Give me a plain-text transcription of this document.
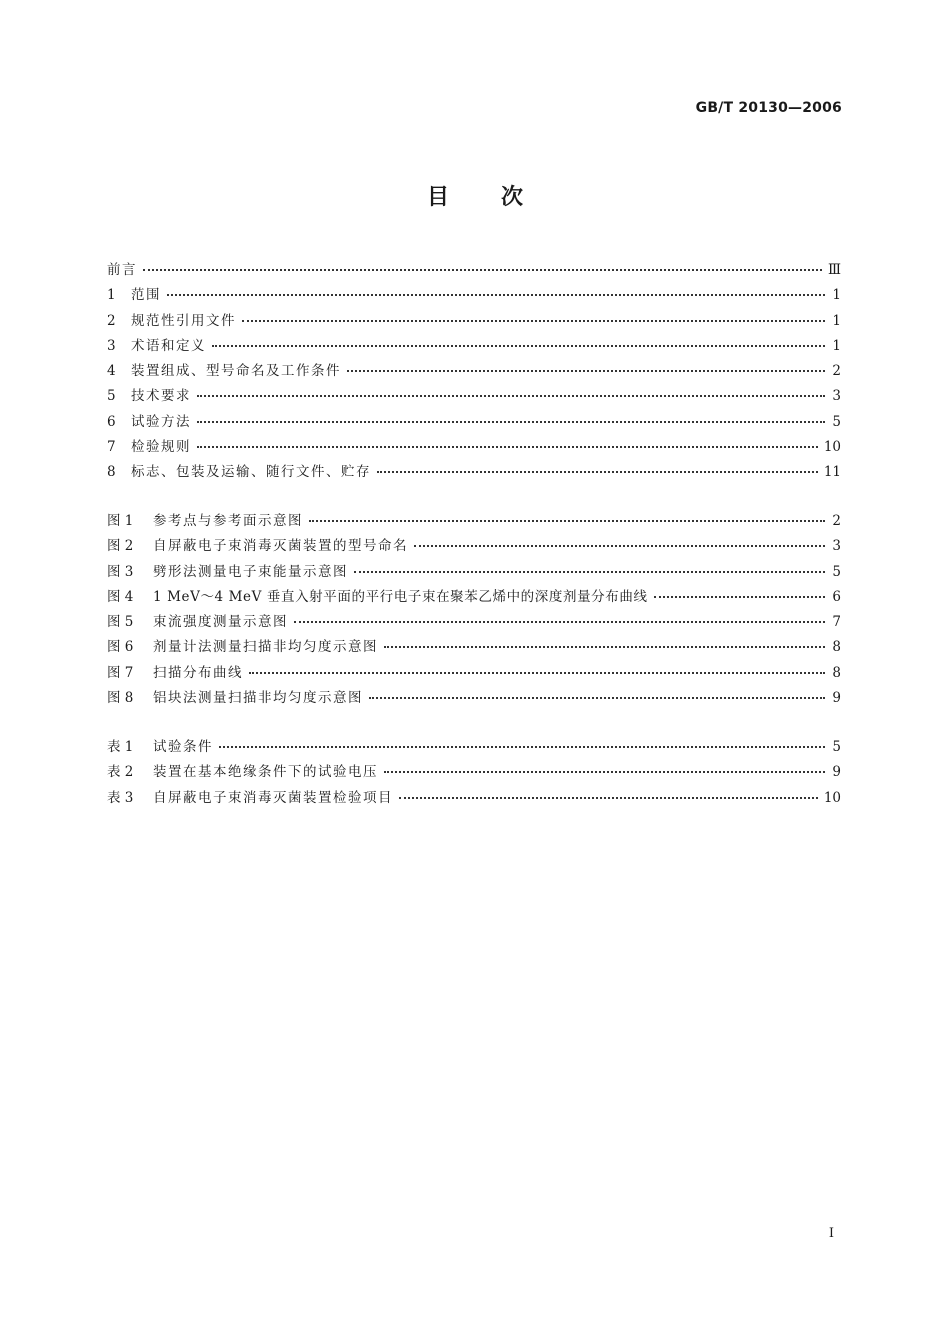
GB/T 20130—2006
目 次
前言	Ⅲ
1	范围	1
2	规范性引用文件	1
3	术语和定义	1
4	装置组成、型号命名及工作条件	2
5	技术要求	3
6	试验方法	5
7	检验规则	10
8	标志、包装及运输、随行文件、贮存	11
图 1	参考点与参考面示意图	2
图 2	自屏蔽电子束消毒灭菌装置的型号命名	3
图 3	劈形法测量电子束能量示意图	5
图 4	1 MeV～4 MeV 垂直入射平面的平行电子束在聚苯乙烯中的深度剂量分布曲线	6
图 5	束流强度测量示意图	7
图 6	剂量计法测量扫描非均匀度示意图	8
图 7	扫描分布曲线	8
图 8	铝块法测量扫描非均匀度示意图	9
表 1	试验条件	5
表 2	装置在基本绝缘条件下的试验电压	9
表 3	自屏蔽电子束消毒灭菌装置检验项目	10
I
